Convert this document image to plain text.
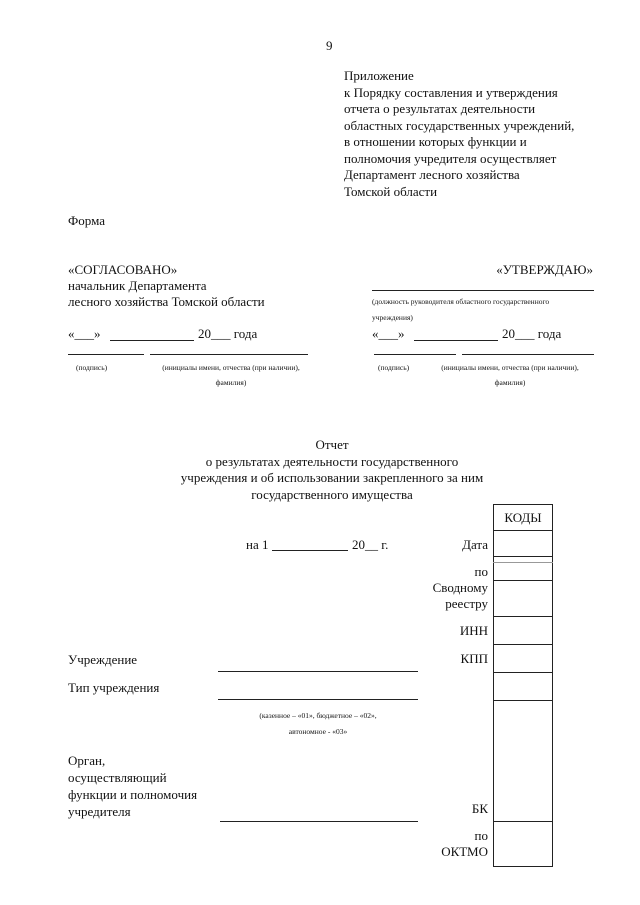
9
Приложение
к Порядку составления и утверждения
отчета о результатах деятельности
областных государственных учреждений,
в отношении которых функции и
полномочия учредителя осуществляет
Департамент лесного хозяйства
Томской области
Форма
«СОГЛАСОВАНО»
начальник Департамента
лесного хозяйства Томской области
«___»	20___ года
(подпись)	(инициалы имени, отчества (при наличии),
фамилия)
«УТВЕРЖДАЮ»
(должность руководителя областного государственного
учреждения)
«___»	20___ года
(подпись)	(инициалы имени, отчества (при наличии),
фамилия)
Отчет
о результатах деятельности государственного
учреждения и об использовании закрепленного за ним
государственного имущества
на 1	20__ г.
КОДЫ
Дата
по
Сводному
реестру
ИНН
КПП
БК
по
ОКТМО
Учреждение
Тип учреждения
(казенное – «01», бюджетное – «02»,
автономное - «03»
Орган,
осуществляющий
функции и полномочия
учредителя
